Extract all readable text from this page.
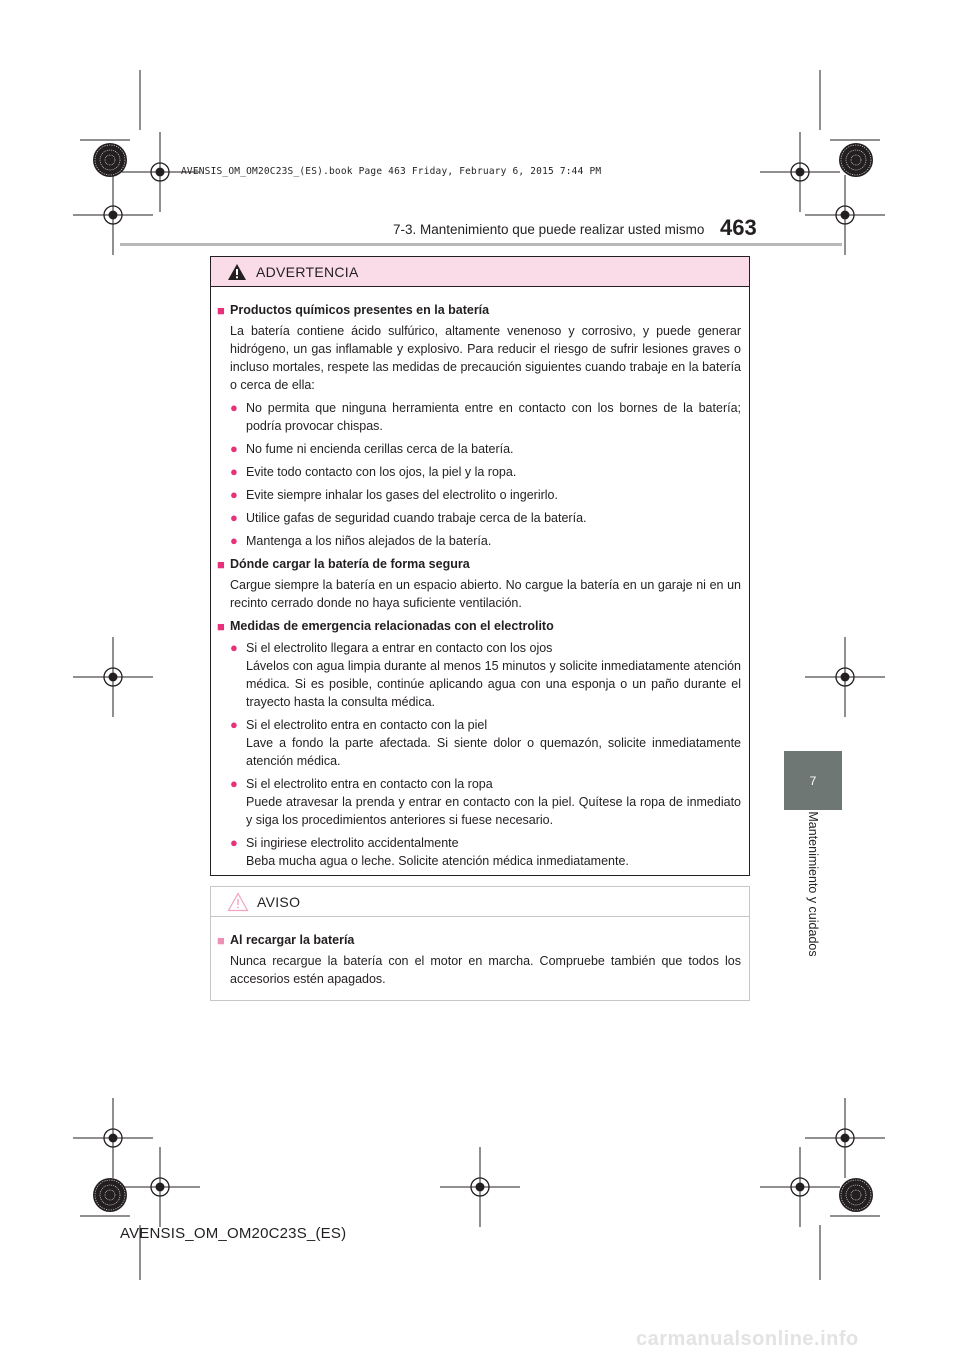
AVENSIS_OM_OM20C23S_(ES).book Page 463 Friday, February 6, 2015 7:44 PM
7-3. Mantenimiento que puede realizar usted mismo 463
7
Mantenimiento y cuidados
ADVERTENCIA
■ Productos químicos presentes en la batería
La batería contiene ácido sulfúrico, altamente venenoso y corrosivo, y puede generar hidrógeno, un gas inflamable y explosivo. Para reducir el riesgo de sufrir lesiones graves o incluso mortales, respete las medidas de precaución siguientes cuando trabaje en la batería o cerca de ella:
● No permita que ninguna herramienta entre en contacto con los bornes de la batería; podría provocar chispas.
● No fume ni encienda cerillas cerca de la batería.
● Evite todo contacto con los ojos, la piel y la ropa.
● Evite siempre inhalar los gases del electrolito o ingerirlo.
● Utilice gafas de seguridad cuando trabaje cerca de la batería.
● Mantenga a los niños alejados de la batería.
■ Dónde cargar la batería de forma segura
Cargue siempre la batería en un espacio abierto. No cargue la batería en un garaje ni en un recinto cerrado donde no haya suficiente ventilación.
■ Medidas de emergencia relacionadas con el electrolito
● Si el electrolito llegara a entrar en contacto con los ojos
Lávelos con agua limpia durante al menos 15 minutos y solicite inmediatamente atención médica. Si es posible, continúe aplicando agua con una esponja o un paño durante el trayecto hasta la consulta médica.
● Si el electrolito entra en contacto con la piel
Lave a fondo la parte afectada. Si siente dolor o quemazón, solicite inmediatamente atención médica.
● Si el electrolito entra en contacto con la ropa
Puede atravesar la prenda y entrar en contacto con la piel. Quítese la ropa de inmediato y siga los procedimientos anteriores si fuese necesario.
● Si ingiriese electrolito accidentalmente
Beba mucha agua o leche. Solicite atención médica inmediatamente.
AVISO
■ Al recargar la batería
Nunca recargue la batería con el motor en marcha. Compruebe también que todos los accesorios estén apagados.
AVENSIS_OM_OM20C23S_(ES)
carmanualsonline.info
